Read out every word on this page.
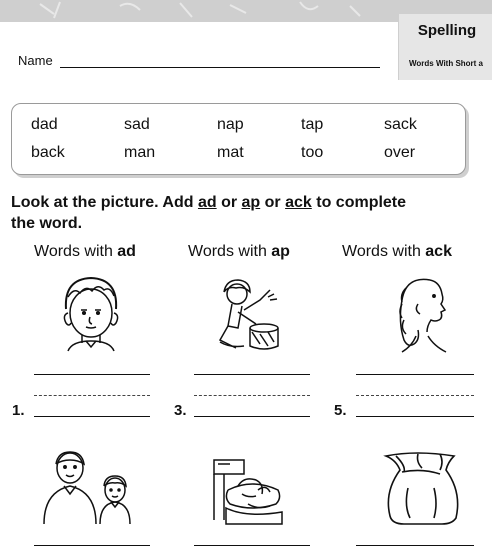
Name
Spelling
Words With Short a
dad	sad	nap	tap	sack
back	man	mat	too	over
Look at the picture. Add ad or ap or ack to complete the word.
Words with ad	Words with ap	Words with ack
1.	3.	5.
